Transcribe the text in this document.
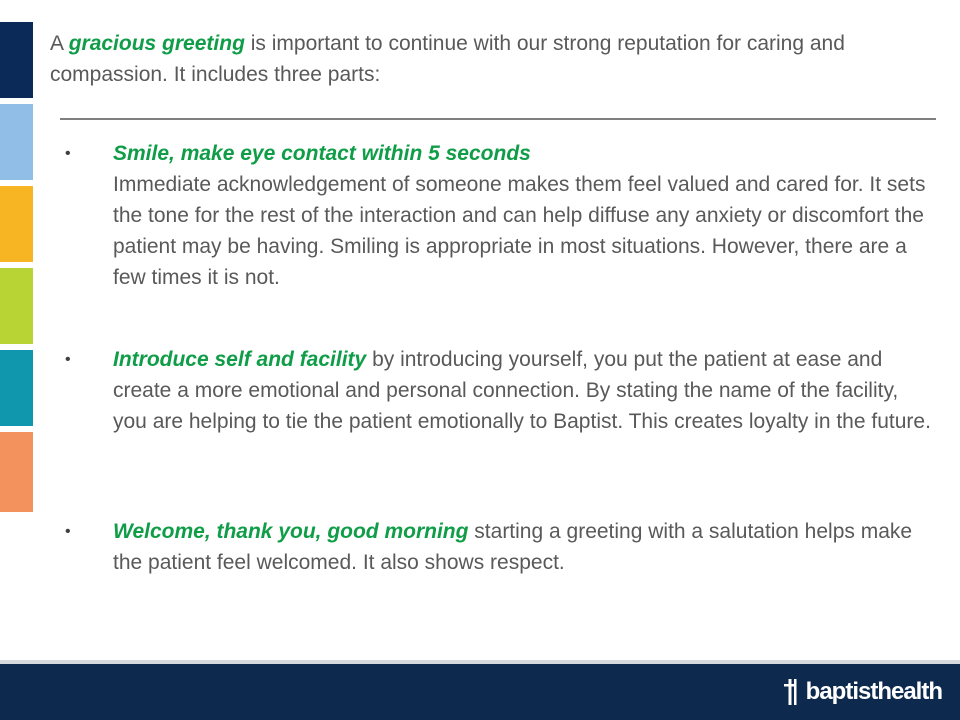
A gracious greeting is important to continue with our strong reputation for caring and compassion. It includes three parts:

• Smile, make eye contact within 5 seconds
Immediate acknowledgement of someone makes them feel valued and cared for. It sets the tone for the rest of the interaction and can help diffuse any anxiety or discomfort the patient may be having. Smiling is appropriate in most situations. However, there are a few times it is not.
• Introduce self and facility by introducing yourself, you put the patient at ease and create a more emotional and personal connection. By stating the name of the facility, you are helping to tie the patient emotionally to Baptist. This creates loyalty in the future.
• Welcome, thank you, good morning starting a greeting with a salutation helps make the patient feel welcomed. It also shows respect.
baptisthealth
